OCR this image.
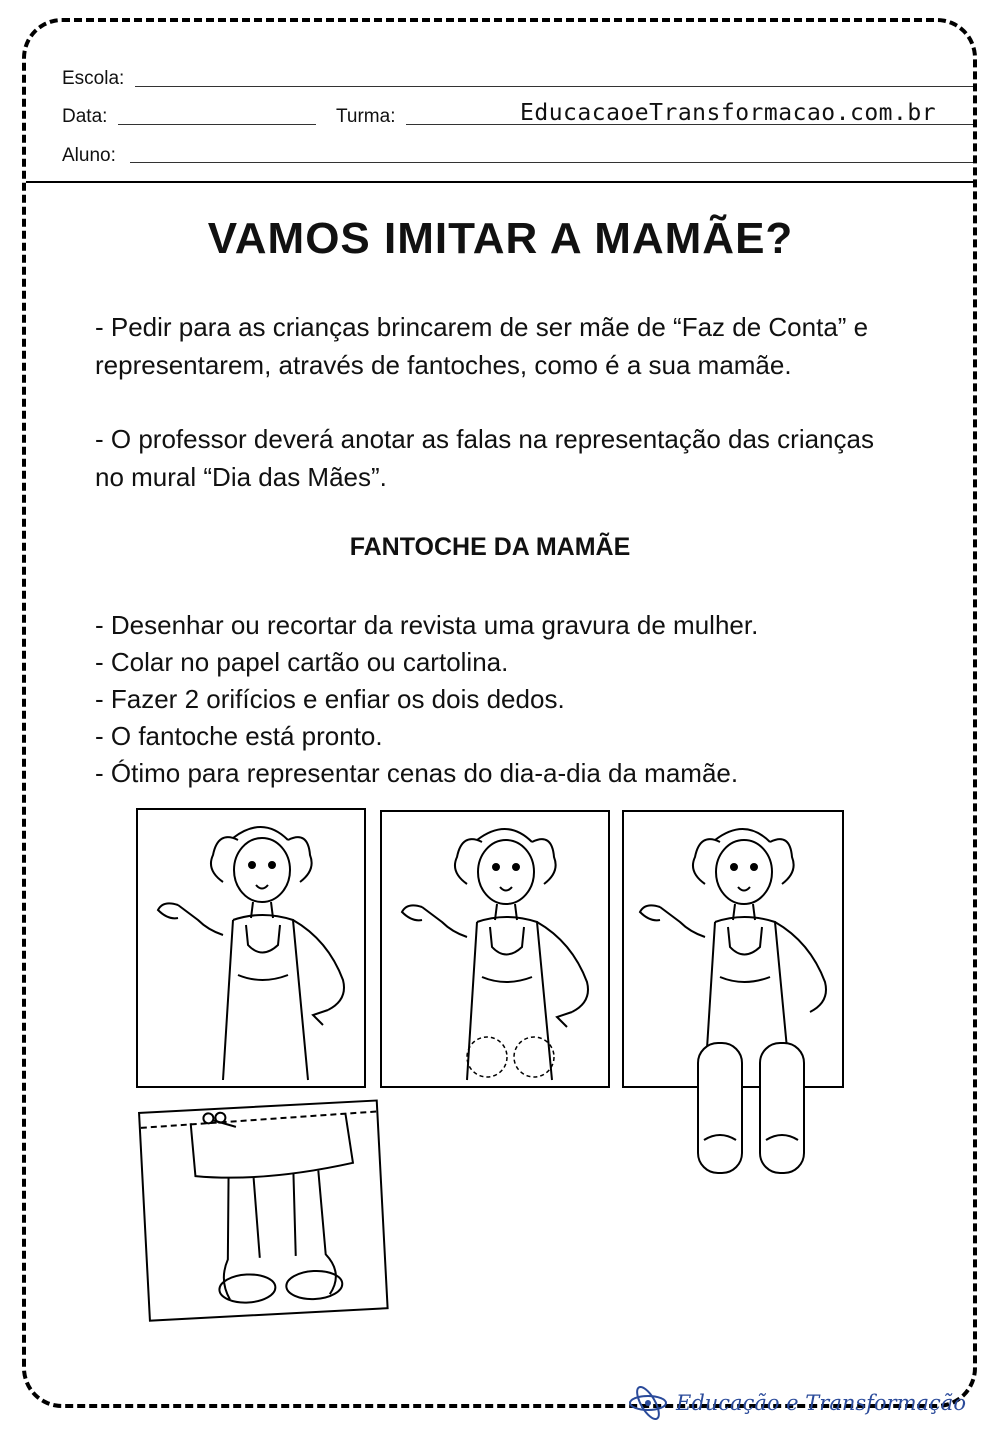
Escola:
Data:	Turma:	EducacaoeTransformacao.com.br
Aluno:
VAMOS IMITAR A MAMÃE?
- Pedir para as crianças brincarem de ser mãe de “Faz de Conta” e representarem, através de fantoches, como é a sua mamãe.
- O professor deverá anotar as falas na representação das crianças no mural “Dia das Mães”.
FANTOCHE DA MAMÃE
- Desenhar ou recortar da revista uma gravura de mulher.
- Colar no papel cartão ou cartolina.
- Fazer 2 orifícios e enfiar os dois dedos.
- O fantoche está pronto.
- Ótimo para representar cenas do dia-a-dia da mamãe.
Educação e Transformação
